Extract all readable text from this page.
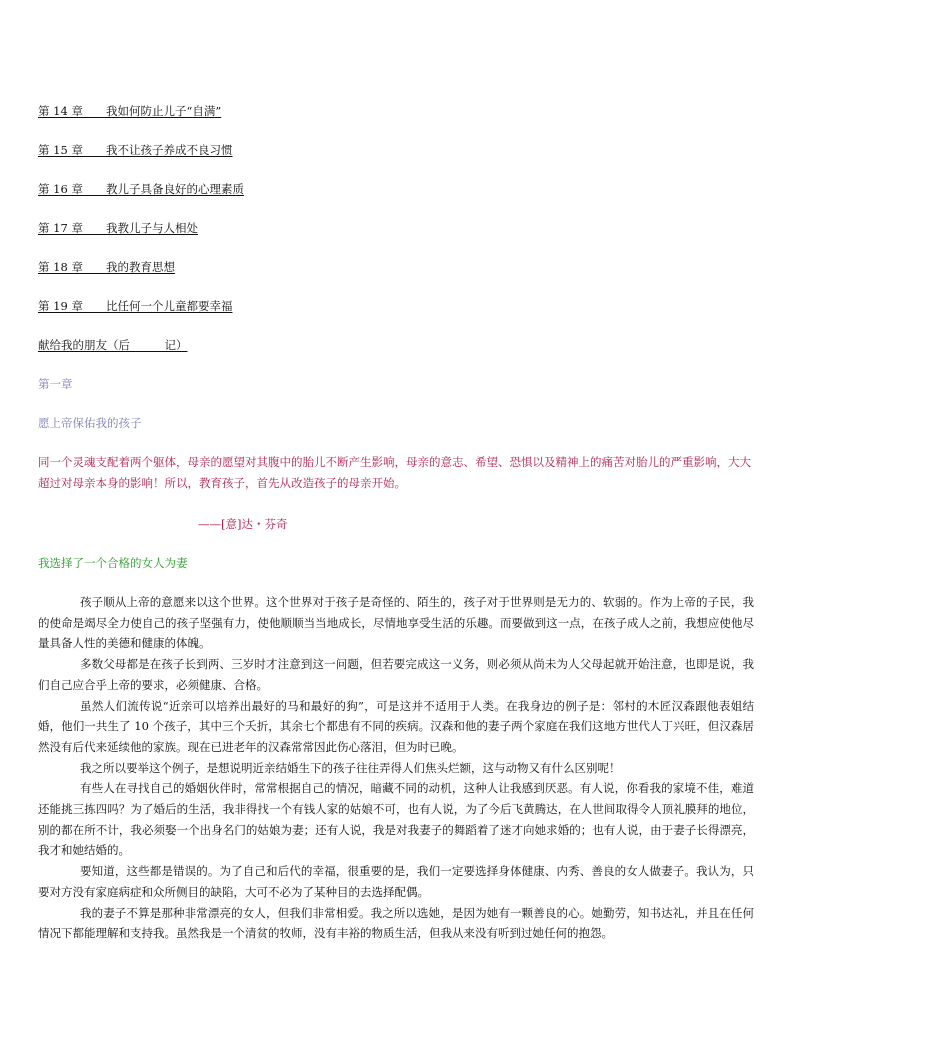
第 14 章　　我如何防止儿子“自满”
第 15 章　　我不让孩子养成不良习惯
第 16 章　　教儿子具备良好的心理素质
第 17 章　　我教儿子与人相处
第 18 章　　我的教育思想
第 19 章　　比任何一个儿童都要幸福
献给我的朋友（后　　　记）
第一章
愿上帝保佑我的孩子
同一个灵魂支配着两个躯体，母亲的愿望对其腹中的胎儿不断产生影响，母亲的意志、希望、恐惧以及精神上的痛苦对胎儿的严重影响，大大超过对母亲本身的影响！所以，教育孩子，首先从改造孩子的母亲开始。
——[意]达・芬奇
我选择了一个合格的女人为妻

孩子顺从上帝的意愿来以这个世界。这个世界对于孩子是奇怪的、陌生的，孩子对于世界则是无力的、软弱的。作为上帝的子民，我的使命是竭尽全力使自己的孩子坚强有力，使他顺顺当当地成长，尽情地享受生活的乐趣。而要做到这一点，在孩子成人之前，我想应使他尽量具备人性的美德和健康的体魄。

多数父母都是在孩子长到两、三岁时才注意到这一问题，但若要完成这一义务，则必须从尚未为人父母起就开始注意，也即是说，我们自己应合乎上帝的要求，必须健康、合格。

虽然人们流传说“近亲可以培养出最好的马和最好的狗”，可是这并不适用于人类。在我身边的例子是：邻村的木匠汉森跟他表姐结婚，他们一共生了 10 个孩子，其中三个夭折，其余七个都患有不同的疾病。汉森和他的妻子两个家庭在我们这地方世代人丁兴旺，但汉森居然没有后代来延续他的家族。现在已进老年的汉森常常因此伤心落泪，但为时已晚。

我之所以要举这个例子，是想说明近亲结婚生下的孩子往往弄得人们焦头烂额，这与动物又有什么区别呢！

有些人在寻找自己的婚姻伙伴时，常常根据自己的情况，暗藏不同的动机，这种人让我感到厌恶。有人说，你看我的家境不佳，难道还能挑三拣四吗？为了婚后的生活，我非得找一个有钱人家的姑娘不可，也有人说，为了今后飞黄腾达，在人世间取得令人顶礼膜拜的地位，别的都在所不计，我必须娶一个出身名门的姑娘为妻；还有人说，我是对我妻子的舞蹈着了迷才向她求婚的；也有人说，由于妻子长得漂亮，我才和她结婚的。

要知道，这些都是错误的。为了自己和后代的幸福，很重要的是，我们一定要选择身体健康、内秀、善良的女人做妻子。我认为，只要对方没有家庭病症和众所侧目的缺陷，大可不必为了某种目的去选择配偶。

我的妻子不算是那种非常漂亮的女人，但我们非常相爱。我之所以选她，是因为她有一颗善良的心。她勤劳，知书达礼，并且在任何情况下都能理解和支持我。虽然我是一个清贫的牧师，没有丰裕的物质生活，但我从来没有听到过她任何的抱怨。
